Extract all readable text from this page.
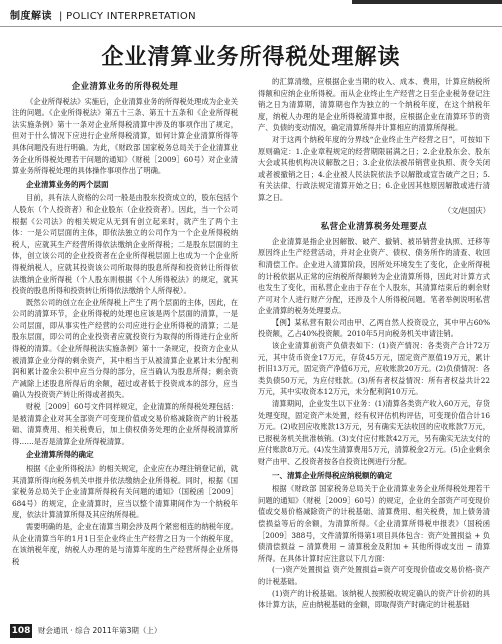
制度解读 | POLICY INTERPRETATION
企业清算业务所得税处理解读
企业清算业务的所得税处理

《企业所得税法》实施后，企业清算业务的所得税处理成为企业关注的问题。《企业所得税法》第五十三条、第五十五条和《企业所得税法实施条例》第十一条对企业所得税清算中涉及的事项作出了规定，但对于什么情况下应进行企业所得税清算，如何计算企业清算所得等具体问题没有进行明确。为此，《财政部 国家税务总局关于企业清算业务企业所得税处理若干问题的通知》（财税［2009］60号）对企业清算业务所得税处理的具体操作事项作出了明确。

企业清算业务的两个层面

目前，具有法人资格的公司一般是由股东投资成立的，股东包括个人股东（个人投资者）和企业股东（企业投资者）。因此，当一个公司根据《公司法》的相关规定从无到有创立起来时，就产生了两个主体：一是公司层面的主体，即依法独立的公司作为一个企业所得税纳税人，应就其生产经营所得依法缴纳企业所得税；二是股东层面的主体，创立该公司的企业投资者在企业所得税层面上也成为一个企业所得税纳税人，应就其投资该公司所取得的股息所得和投资转让所得依法缴纳企业所得税（个人股东则根据《个人所得税法》的规定，就其投资的股息所得和投资转让所得依法缴纳个人所得税）。

既然公司的创立在企业所得税上产生了两个层面的主体，因此，在公司的清算环节，企业所得税的处理也应该是两个层面的清算，一是公司层面，即从事实性产经营的公司应进行企业所得税的清算；二是股东层面，即公司的企业投资者应就投资行为取得的所得进行企业所得税的清算。《企业所得税法实施条例》第十一条规定，投资方企业从被清算企业分得的剩余资产，其中相当于从被清算企业累计未分配利润和累计盈余公积中应当分得的部分，应当确认为股息所得；剩余资产减除上述股息所得后的余额，超过或者低于投资成本的部分，应当确认为投资资产转让所得或者损失。

财税［2009］60号文件同样规定，企业清算的所得税处理包括：是被清算企业对其全部资产可变现价值或交易价格减除资产的计税基础、清算费用、相关税费后，加上债权债务处理的企业所得税清算所得……是否是清算企业所得税清算。

企业清算所得的确定

根据《企业所得税法》的相关规定，企业应在办理注销登记前，就其清算所得向税务机关申报并依法缴纳企业所得税。同时，根据《国家税务总局关于企业清算所得税有关问题的通知》（国税函［2009］684号）的规定，企业清算时，应当以整个清算期间作为一个纳税年度，依法计算清算所得及其应纳所得税。

需要明确的是，企业在清算当期会涉及两个紧密相连的纳税年度。从企业清算当年的1月1日至企业终止生产经营之日为一个纳税年度，在该纳税年度，纳税人办理的是与清算年度的生产经营所得企业所得税

的汇算清缴，应根据企业当期的收入、成本、费用，计算应纳税所得额和应纳企业所得税。而从企业终止生产经营之日至企业税务登记注销之日为清算期，清算期也作为独立的一个纳税年度，在这个纳税年度，纳税人办理的是企业所得税清算申报，应根据企业在清算环节的资产、负债的变动情况，确定清算所得并计算相应的清算所得税。

对于这两个纳税年度的分界线“企业终止生产经营之日”，可按如下原则确定：1.企业章程规定的经营期限届满之日；2.企业股东会、股东大会或其他机构决议解散之日；3.企业依法被吊销营业执照、责令关闭或者被撤销之日；4.企业被人民法院依法予以解散或宣告破产之日；5.有关法律、行政法规定清算开始之日；6.企业因其他原因解散或进行清算之日。

（文/赵国庆）
私营企业清算税务处理要点

企业清算是指企业因解散、破产、撤销、被吊销营业执照、迁移等原因终止生产经营活动，并对企业资产、债权、债务所作的清查、收回和清偿工作。企业进入清算阶段，因所处环境发生了变化，企业所得税的计税依据从正常的应纳税所得额转为企业清算所得，因此对计算方式也发生了变化，而私营企业由于存在个人股东，其清算结束后的剩余财产可对个人进行财产分配，还涉及个人所得税问题。笔者举例说明私营企业清算的税务处理要点。

【例】某私营有限公司由甲、乙两自然人投资设立，其中甲占60%投资额，乙占40%投资额。2010年5月向税务机关申请注销。

该企业清算前资产负债表如下：(1)资产情况：各类资产合计72万元，其中货币资金17万元，存货45万元，固定资产原值19万元，累计折旧13万元，固定资产净值6万元，应收账款20万元。(2)负债情况：各类负债50万元，为应付账款。(3)所有者权益情况：所有者权益共计22万元，其中实收资本12万元，未分配利润10万元。

清算期间，企业发生以下业务：(1)清算各类资产收入60万元，存货处理变现，固定资产未处置，经有权评估机构评估，可变现价值合计16万元。(2)收回应收账款13万元，另有确实无法收回的应收账款7万元，已报税务机关批准核销。(3)支付应付账款42万元，另有确实无法支付的应付账款8万元。(4)发生清算费用5万元，清算税金2万元。(5)企业剩余财产由甲、乙投资者按各自投资比例进行分配。

一、清算企业所得税应纳税额的确定

根据《财政部 国家税务总局关于企业清算业务企业所得税处理若干问题的通知》（财税［2009］60号）的规定，企业的全部资产可变现价值或交易价格减除资产的计税基础、清算费用、相关税费，加上债务清偿损益等后的余额，为清算所得。《企业清算所得税申报表》（国税函［2009］388号，文件清算所得第1项目具体包含：资产处置损益 + 负债清偿损益 − 清算费用 − 清算税金及附加 + 其他所得或支出 − 清算所得。在具体计算时应注意以下几方面：

(一)资产处置损益 资产处置损益=资产可变现价值或交易价格-资产的计税基础。

(1)资产的计税基础。该纳税人按照税收规定确认的资产计价初的具体计算方法，应由纳税基础的金额，即取得资产时确定的计税基础

108 财会通讯 · 综合 2011年第3期（上）
